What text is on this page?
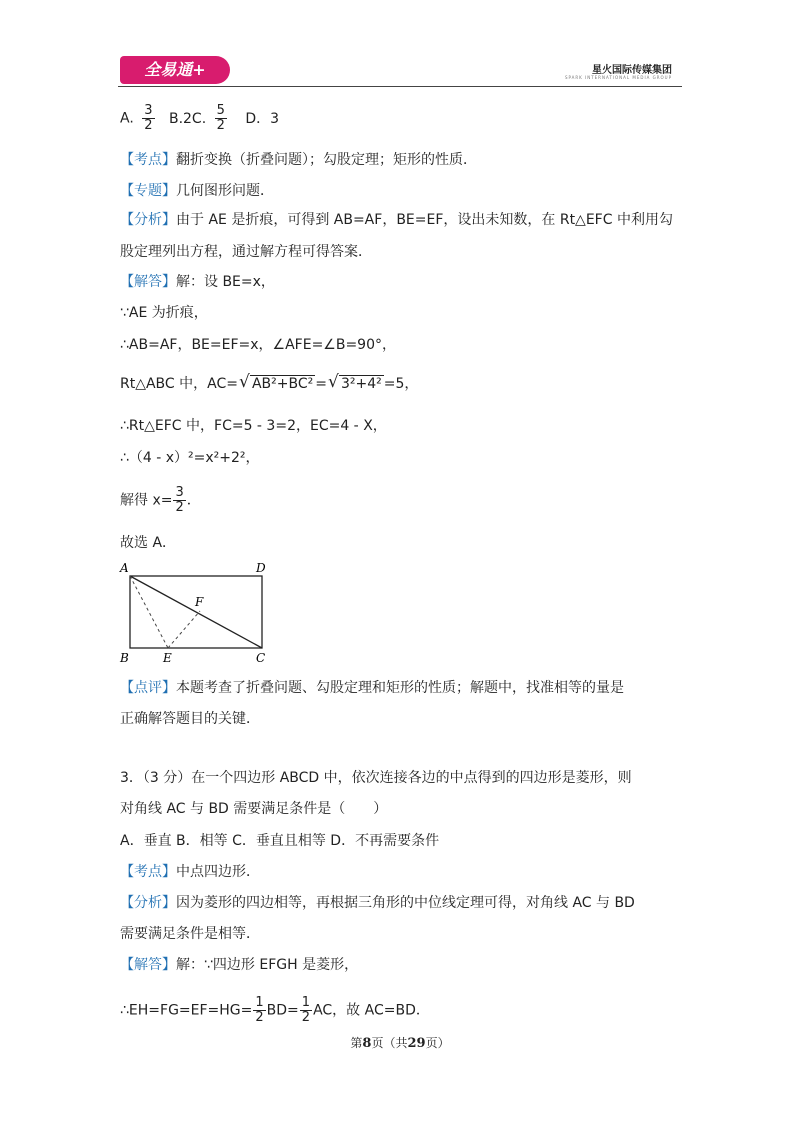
全易通+	星火国际传媒集团
SPARK INTERNATIONAL MEDIA GROUP
A. $\frac{3}{2} B.2C$. $\frac{5}{2}$ D．3
【考点】翻折变换（折叠问题）；勾股定理；矩形的性质．
【专题】几何图形问题．
【分析】由于 AE 是折痕，可得到 AB=AF，BE=EF，设出未知数，在 Rt△EFC 中利用勾
股定理列出方程，通过解方程可得答案．
【解答】解：设 BE=x，
∵AE 为折痕，
∴AB=AF，BE=EF=x，∠AFE=∠B=90°，
Rt△ABC 中，AC= √ AB²+BC² = √ 3²+4² =5，
∴Rt△EFC 中，FC=5 - 3=2，EC=4 - X，
∴（4 - x）²=x²+2²，
解得 $x= \frac{3}{2}$ ．
故选 A．
A	D
F
B	E	C
【点评】本题考查了折叠问题、勾股定理和矩形的性质；解题中，找准相等的量是
正确解答题目的关键．
3．（3 分）在一个四边形 ABCD 中，依次连接各边的中点得到的四边形是菱形，则
对角线 AC 与 BD 需要满足条件是（　　）
A．垂直 B．相等 C．垂直且相等 D．不再需要条件
【考点】中点四边形．
【分析】因为菱形的四边相等，再根据三角形的中位线定理可得，对角线 AC 与 BD
需要满足条件是相等．
【解答】解：∵四边形 EFGH 是菱形，
∴EH=FG=EF=HG= $\frac{1}{2} BD= \frac{1}{2}$ AC，故 AC=BD．
第8页（共29页）
